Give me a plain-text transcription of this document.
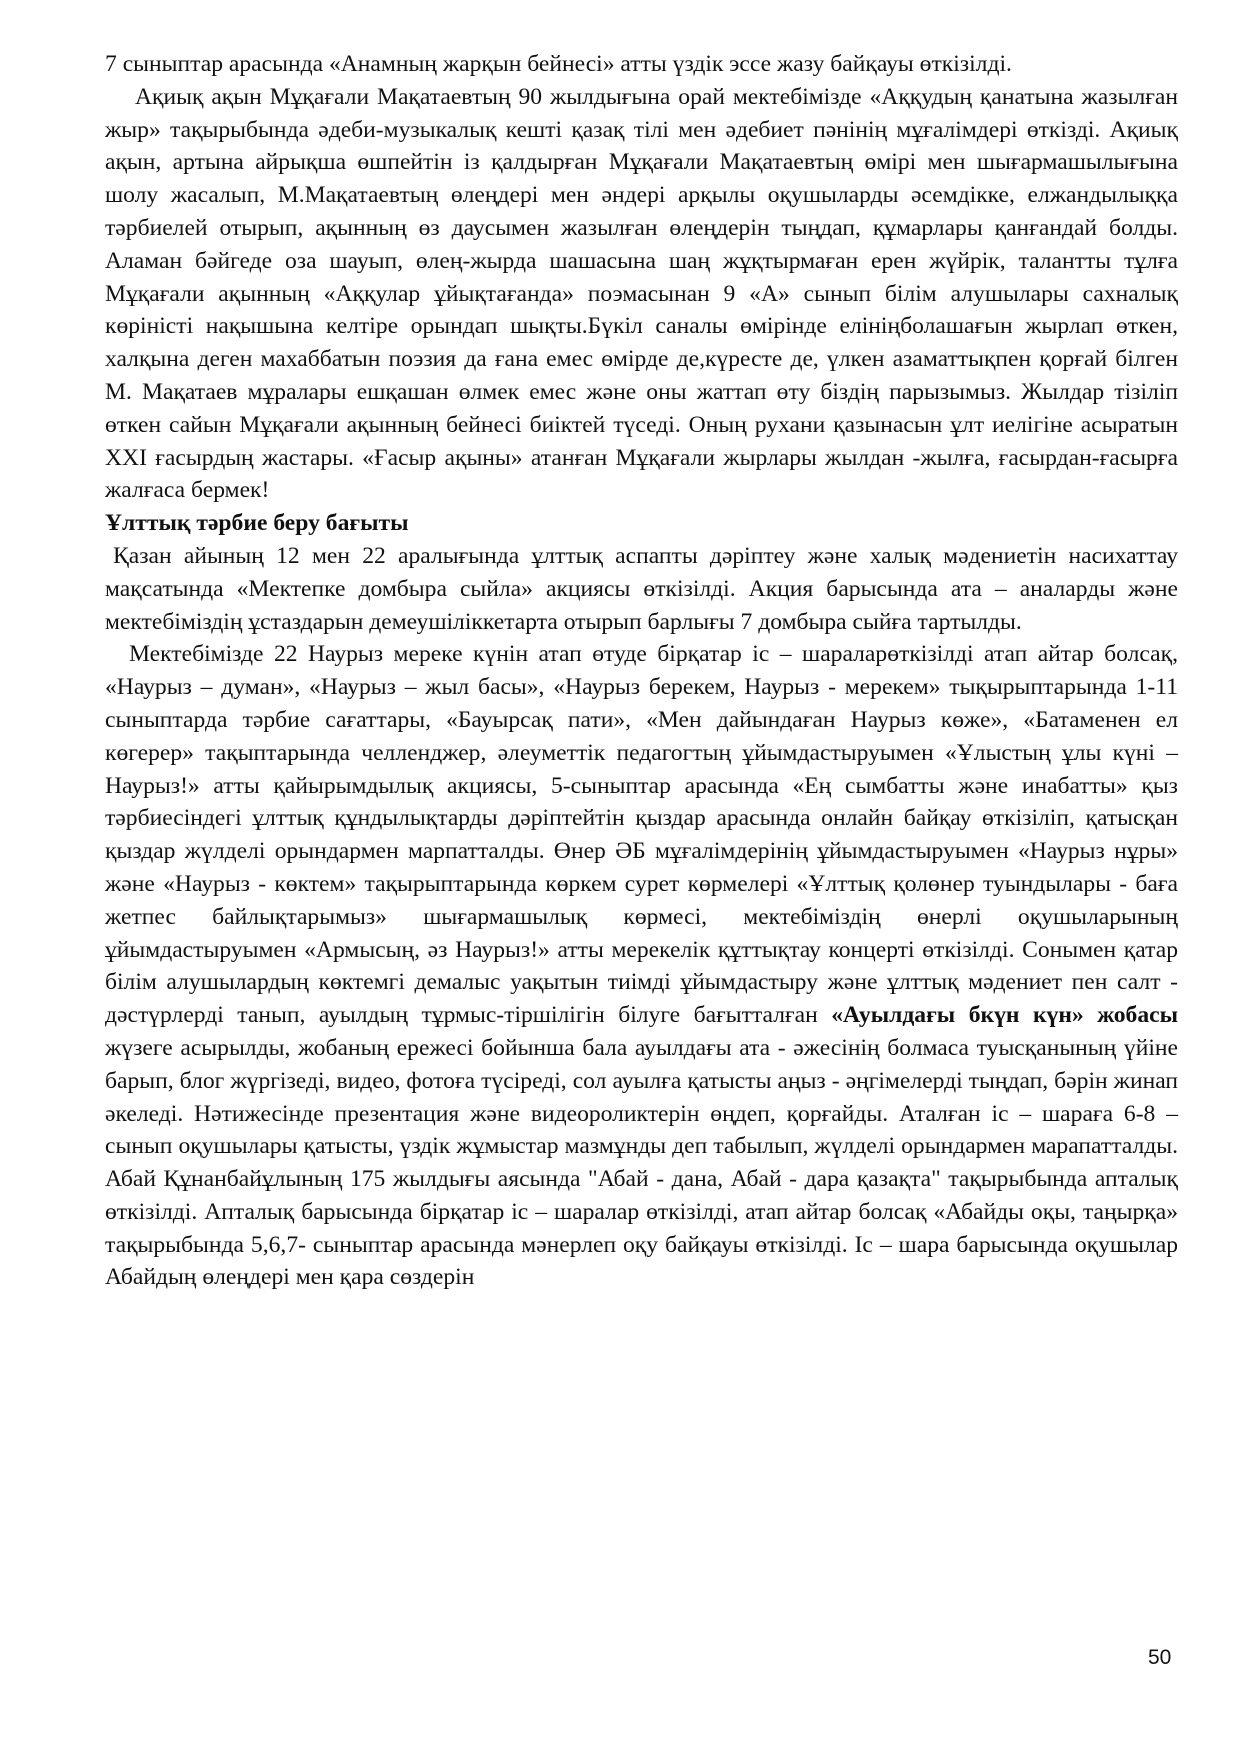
7 сыныптар арасында «Анамның жарқын бейнесі» атты үздік эссе жазу байқауы өткізілді.

Ақиық ақын Мұқағали Мақатаевтың 90 жылдығына орай мектебімізде «Аққудың қанатына жазылған жыр» тақырыбында әдеби-музыкалық кешті қазақ тілі мен әдебиет пәнінің мұғалімдері өткізді. Ақиық ақын, артына айрықша өшпейтін із қалдырған Мұқағали Мақатаевтың өмірі мен шығармашылығына шолу жасалып, М.Мақатаевтың өлеңдері мен әндері арқылы оқушыларды әсемдікке, елжандылыққа тәрбиелей отырып, ақынның өз даусымен жазылған өлеңдерін тыңдап, құмарлары қанғандай болды. Аламан бәйгеде оза шауып, өлең-жырда шашасына шаң жұқтырмаған ерен жүйрік, талантты тұлға Мұқағали ақынның «Аққулар ұйықтағанда» поэмасынан 9 «А» сынып білім алушылары сахналық көріністі нақышына келтіре орындап шықты.Бүкіл саналы өмірінде елініңболашағын жырлап өткен, халқына деген махаббатын поэзия да ғана емес өмірде де,күресте де, үлкен азаматтықпен қорғай білген М. Мақатаев мұралары ешқашан өлмек емес және оны жаттап өту біздің парызымыз. Жылдар тізіліп өткен сайын Мұқағали ақынның бейнесі биіктей түседі. Оның рухани қазынасын ұлт иелігіне асыратын XXI ғасырдың жастары. «Ғасыр ақыны» атанған Мұқағали жырлары жылдан -жылға, ғасырдан-ғасырға жалғаса бермек!

Ұлттық тәрбие беру бағыты

Қазан айының 12 мен 22 аралығында ұлттық аспапты дәріптеу және халық мәдениетін насихаттау мақсатында «Мектепке домбыра сыйла» акциясы өткізілді. Акция барысында ата – аналарды және мектебіміздің ұстаздарын демеушіліккетарта отырып барлығы 7 домбыра сыйға тартылды.

Мектебімізде 22 Наурыз мереке күнін атап өтуде бірқатар іс – шараларөткізілді атап айтар болсақ, «Наурыз – думан», «Наурыз – жыл басы», «Наурыз берекем, Наурыз - мерекем» тықырыптарында 1-11 сыныптарда тәрбие сағаттары, «Бауырсақ пати», «Мен дайындаған Наурыз көже», «Батаменен ел көгерер» тақыптарында челленджер, әлеуметтік педагогтың ұйымдастыруымен «Ұлыстың ұлы күні – Наурыз!» атты қайырымдылық акциясы, 5-сыныптар арасында «Ең сымбатты және инабатты» қыз тәрбиесіндегі ұлттық құндылықтарды дәріптейтін қыздар арасында онлайн байқау өткізіліп, қатысқан қыздар жүлделі орындармен марпатталды. Өнер ӘБ мұғалімдерінің ұйымдастыруымен «Наурыз нұры» және «Наурыз - көктем» тақырыптарында көркем сурет көрмелері «Ұлттық қолөнер туындылары - баға жетпес байлықтарымыз» шығармашылық көрмесі, мектебіміздің өнерлі оқушыларының ұйымдастыруымен «Армысың, әз Наурыз!» атты мерекелік құттықтау концерті өткізілді. Сонымен қатар білім алушылардың көктемгі демалыс уақытын тиімді ұйымдастыру және ұлттық мәдениет пен салт - дәстүрлерді танып, ауылдың тұрмыс-тіршілігін білуге бағытталған «Ауылдағы бкүн күн» жобасы жүзеге асырылды, жобаның ережесі бойынша бала ауылдағы ата - әжесінің болмаса туысқанының үйіне барып, блог жүргізеді, видео, фотоға түсіреді, сол ауылға қатысты аңыз - әңгімелерді тыңдап, бәрін жинап әкеледі. Нәтижесінде презентация және видеороликтерін өңдеп, қорғайды. Аталған іс – шараға 6-8 –сынып оқушылары қатысты, үздік жұмыстар мазмұнды деп табылып, жүлделі орындармен марапатталды. Абай Құнанбайұлының 175 жылдығы аясында "Абай - дана, Абай - дара қазақта" тақырыбында апталық өткізілді. Апталық барысында бірқатар іс – шаралар өткізілді, атап айтар болсақ «Абайды оқы, таңырқа» тақырыбында 5,6,7- сыныптар арасында мәнерлеп оқу байқауы өткізілді. Іс – шара барысында оқушылар Абайдың өлеңдері мен қара сөздерін

50
